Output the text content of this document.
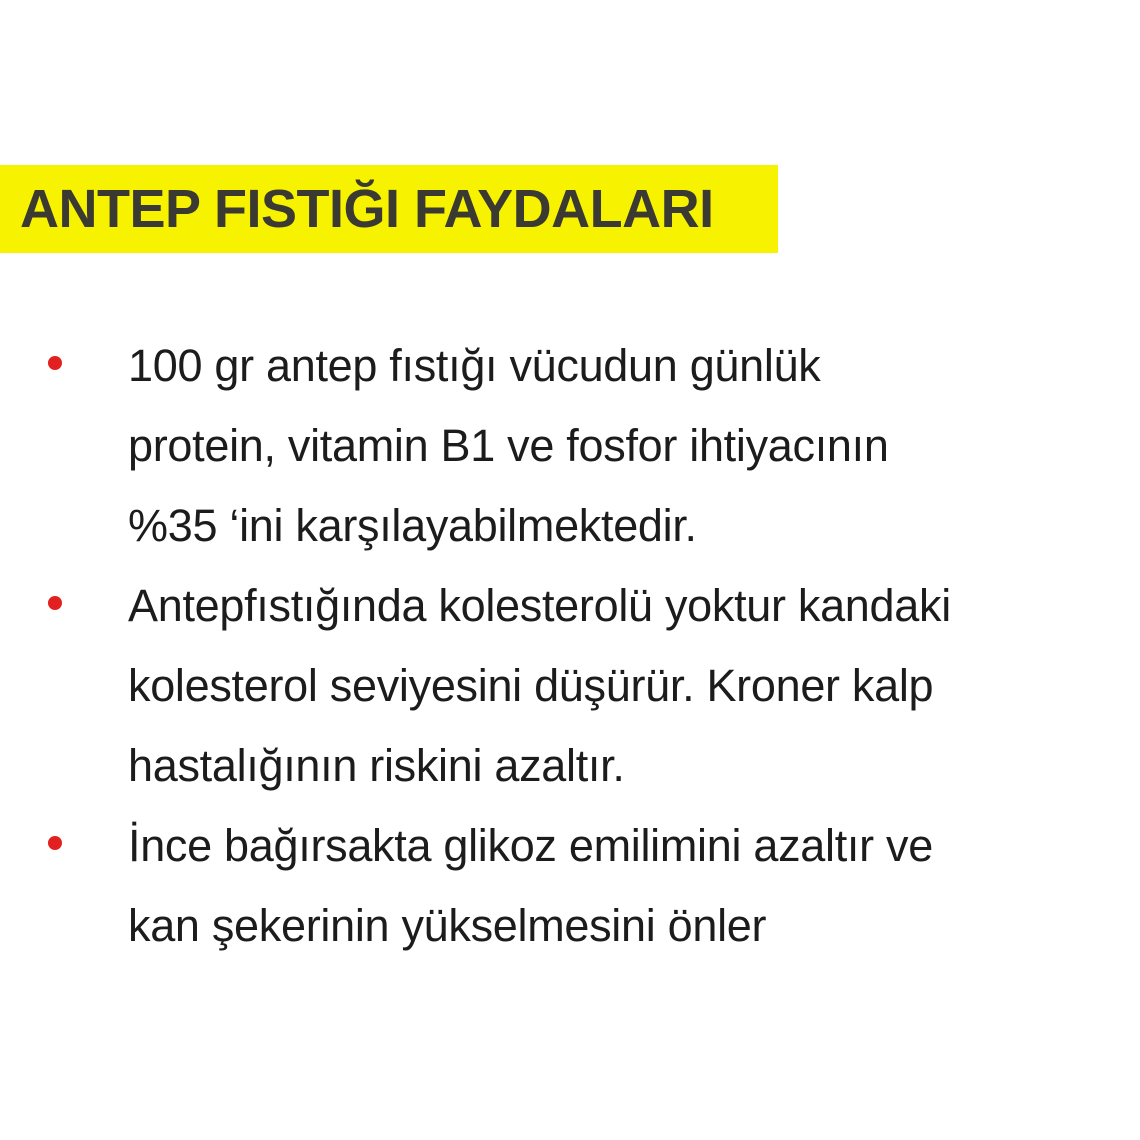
ANTEP FISTIĞI FAYDALARI
100 gr antep fıstığı vücudun günlük
protein, vitamin B1 ve fosfor ihtiyacının
%35 ‘ini karşılayabilmektedir.
Antepfıstığında kolesterolü yoktur kandaki
kolesterol seviyesini düşürür. Kroner kalp
hastalığının riskini azaltır.
İnce bağırsakta glikoz emilimini azaltır ve
kan şekerinin yükselmesini önler
